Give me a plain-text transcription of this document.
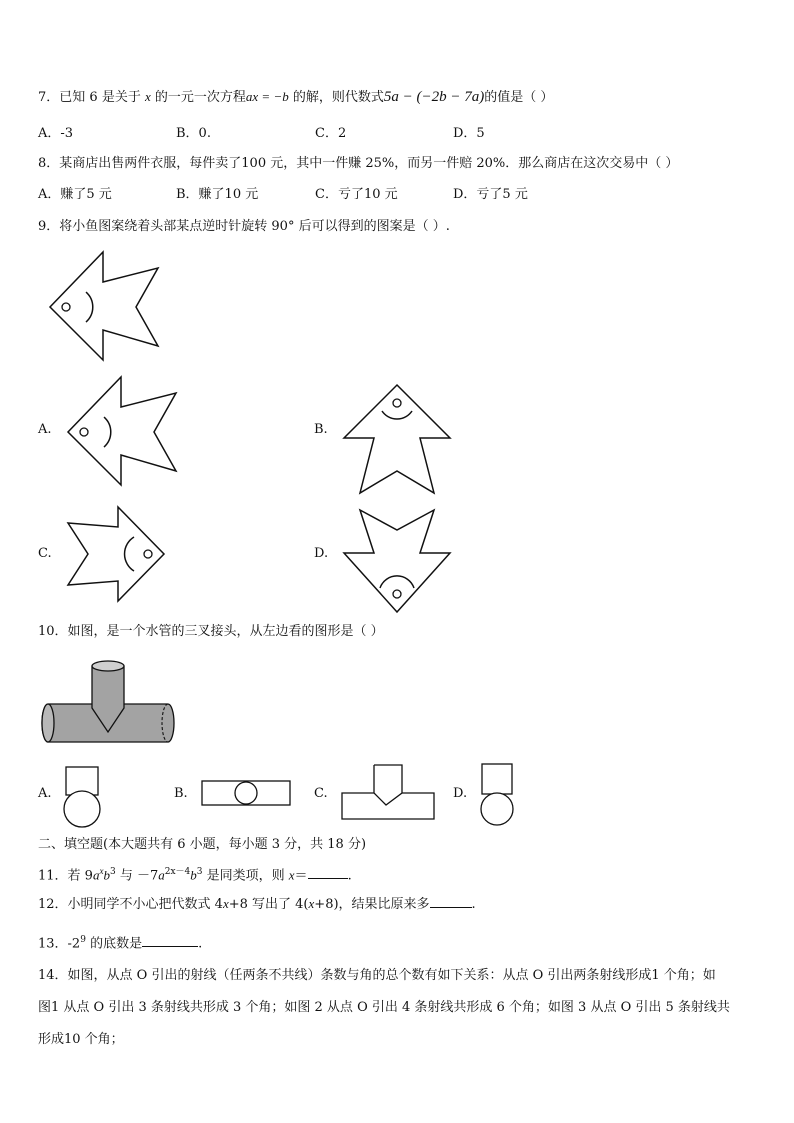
7．已知 6 是关于 x 的一元一次方程ax = −b 的解，则代数式5a − (−2b − 7a)的值是（ ）
A．-3	B．0.	C．2	D．5
8．某商店出售两件衣服，每件卖了100 元，其中一件赚 25%，而另一件赔 20%．那么商店在这次交易中（ ）
A．赚了5 元	B．赚了10 元	C．亏了10 元	D．亏了5 元
9．将小鱼图案绕着头部某点逆时针旋转 90° 后可以得到的图案是（ ）.
A.	B.
C.	D.
10．如图，是一个水管的三叉接头，从左边看的图形是（ ）
A.	B.	C.	D.
二、填空题(本大题共有 6 小题，每小题 3 分，共 18 分)
11．若 $9a^xb^3$ 与 $-7a^{2x-4}b^3$ 是同类项，则 x＝	.
12．小明同学不小心把代数式 4x+8 写出了 4(x+8)，结果比原来多	.
13．$-2^9$ 的底数是	.
14．如图，从点 O 引出的射线（任两条不共线）条数与角的总个数有如下关系：从点 O 引出两条射线形成1 个角；如
图1 从点 O 引出 3 条射线共形成 3 个角；如图 2 从点 O 引出 4 条射线共形成 6 个角；如图 3 从点 O 引出 5 条射线共
形成10 个角；
